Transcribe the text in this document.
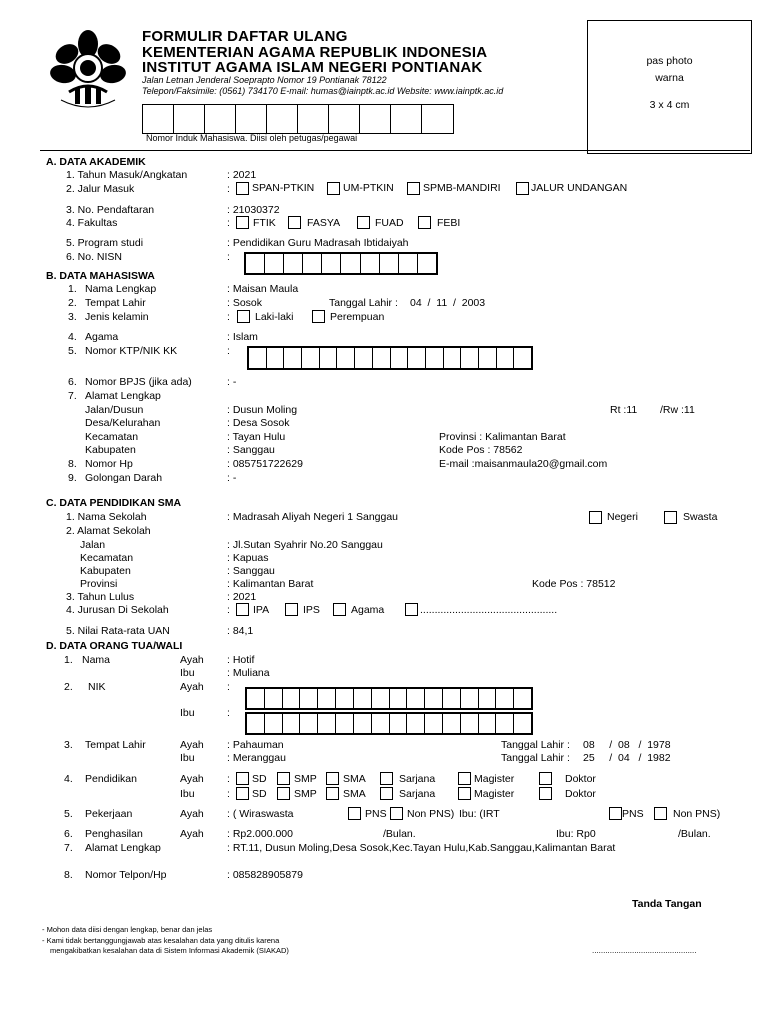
FORMULIR DAFTAR ULANG
KEMENTERIAN AGAMA REPUBLIK INDONESIA
INSTITUT AGAMA ISLAM NEGERI PONTIANAK
Jalan Letnan Jenderal Soeprapto Nomor 19 Pontianak 78122
Telepon/Faksimile: (0561) 734170 E-mail: humas@iainptk.ac.id Website: www.iainptk.ac.id
Nomor Induk Mahasiswa. Diisi oleh petugas/pegawai
pas photo
warna
3 x 4 cm
A. DATA AKADEMIK
1. Tahun Masuk/Angkatan	: 2021
2. Jalur Masuk	: SPAN-PTKIN	UM-PTKIN	SPMB-MANDIRI	JALUR UNDANGAN
3. No. Pendaftaran	: 21030372
4. Fakultas	: FTIK	FASYA	FUAD	FEBI
5. Program studi	: Pendidikan Guru Madrasah Ibtidaiyah
6. No. NISN	:
B. DATA MAHASISWA
1. Nama Lengkap	: Maisan Maula
2. Tempat Lahir	: Sosok	Tanggal Lahir : 04  /  11  /  2003
3. Jenis kelamin	: Laki-laki	Perempuan
4. Agama	: Islam
5. Nomor KTP/NIK KK	:
6. Nomor BPJS (jika ada)	: -
7. Alamat Lengkap
Jalan/Dusun	: Dusun Moling	Rt :11 /Rw :11
Desa/Kelurahan	: Desa Sosok
Kecamatan	: Tayan Hulu	Provinsi : Kalimantan Barat
Kabupaten	: Sanggau	Kode Pos : 78562
8. Nomor Hp	: 085751722629	E-mail :maisanmaula20@gmail.com
9. Golongan Darah	: -
C. DATA PENDIDIKAN SMA
1. Nama Sekolah	: Madrasah Aliyah Negeri 1 Sanggau	Negeri	Swasta
2. Alamat Sekolah
Jalan	: Jl.Sutan Syahrir No.20 Sanggau
Kecamatan	: Kapuas
Kabupaten	: Sanggau
Provinsi	: Kalimantan Barat	Kode Pos : 78512
3. Tahun Lulus	: 2021
4. Jurusan Di Sekolah	: IPA	IPS	Agama	...............................................
5. Nilai Rata-rata UAN	: 84,1
D. DATA ORANG TUA/WALI
1. Nama	Ayah : Hotif
Ibu	: Muliana
2. NIK	Ayah :
Ibu	:
3. Tempat Lahir	Ayah : Pahauman	Tanggal Lahir : 08     /  08   /  1978
Ibu	: Meranggau	Tanggal Lahir : 25     /  04   /  1982
4. Pendidikan	Ayah : SD	SMP SMA	Sarjana	Magister	Doktor
Ibu	: SD	SMP SMA	Sarjana	Magister	Doktor
5. Pekerjaan	Ayah : ( Wiraswasta	PNS Non PNS) Ibu: (IRT	PNS	Non PNS)
6. Penghasilan	Ayah : Rp2.000.000	/Bulan.	Ibu: Rp0	/Bulan.
7. Alamat Lengkap	: RT.11, Dusun Moling,Desa Sosok,Kec.Tayan Hulu,Kab.Sanggau,Kalimantan Barat
8. Nomor Telpon/Hp	: 085828905879
Tanda Tangan
- Mohon data diisi dengan lengkap, benar dan jelas
- Kami tidak bertanggungjawab atas kesalahan data yang ditulis karena
mengakibatkan kesalahan data di Sistem Informasi Akademik (SIAKAD)	...............................................
